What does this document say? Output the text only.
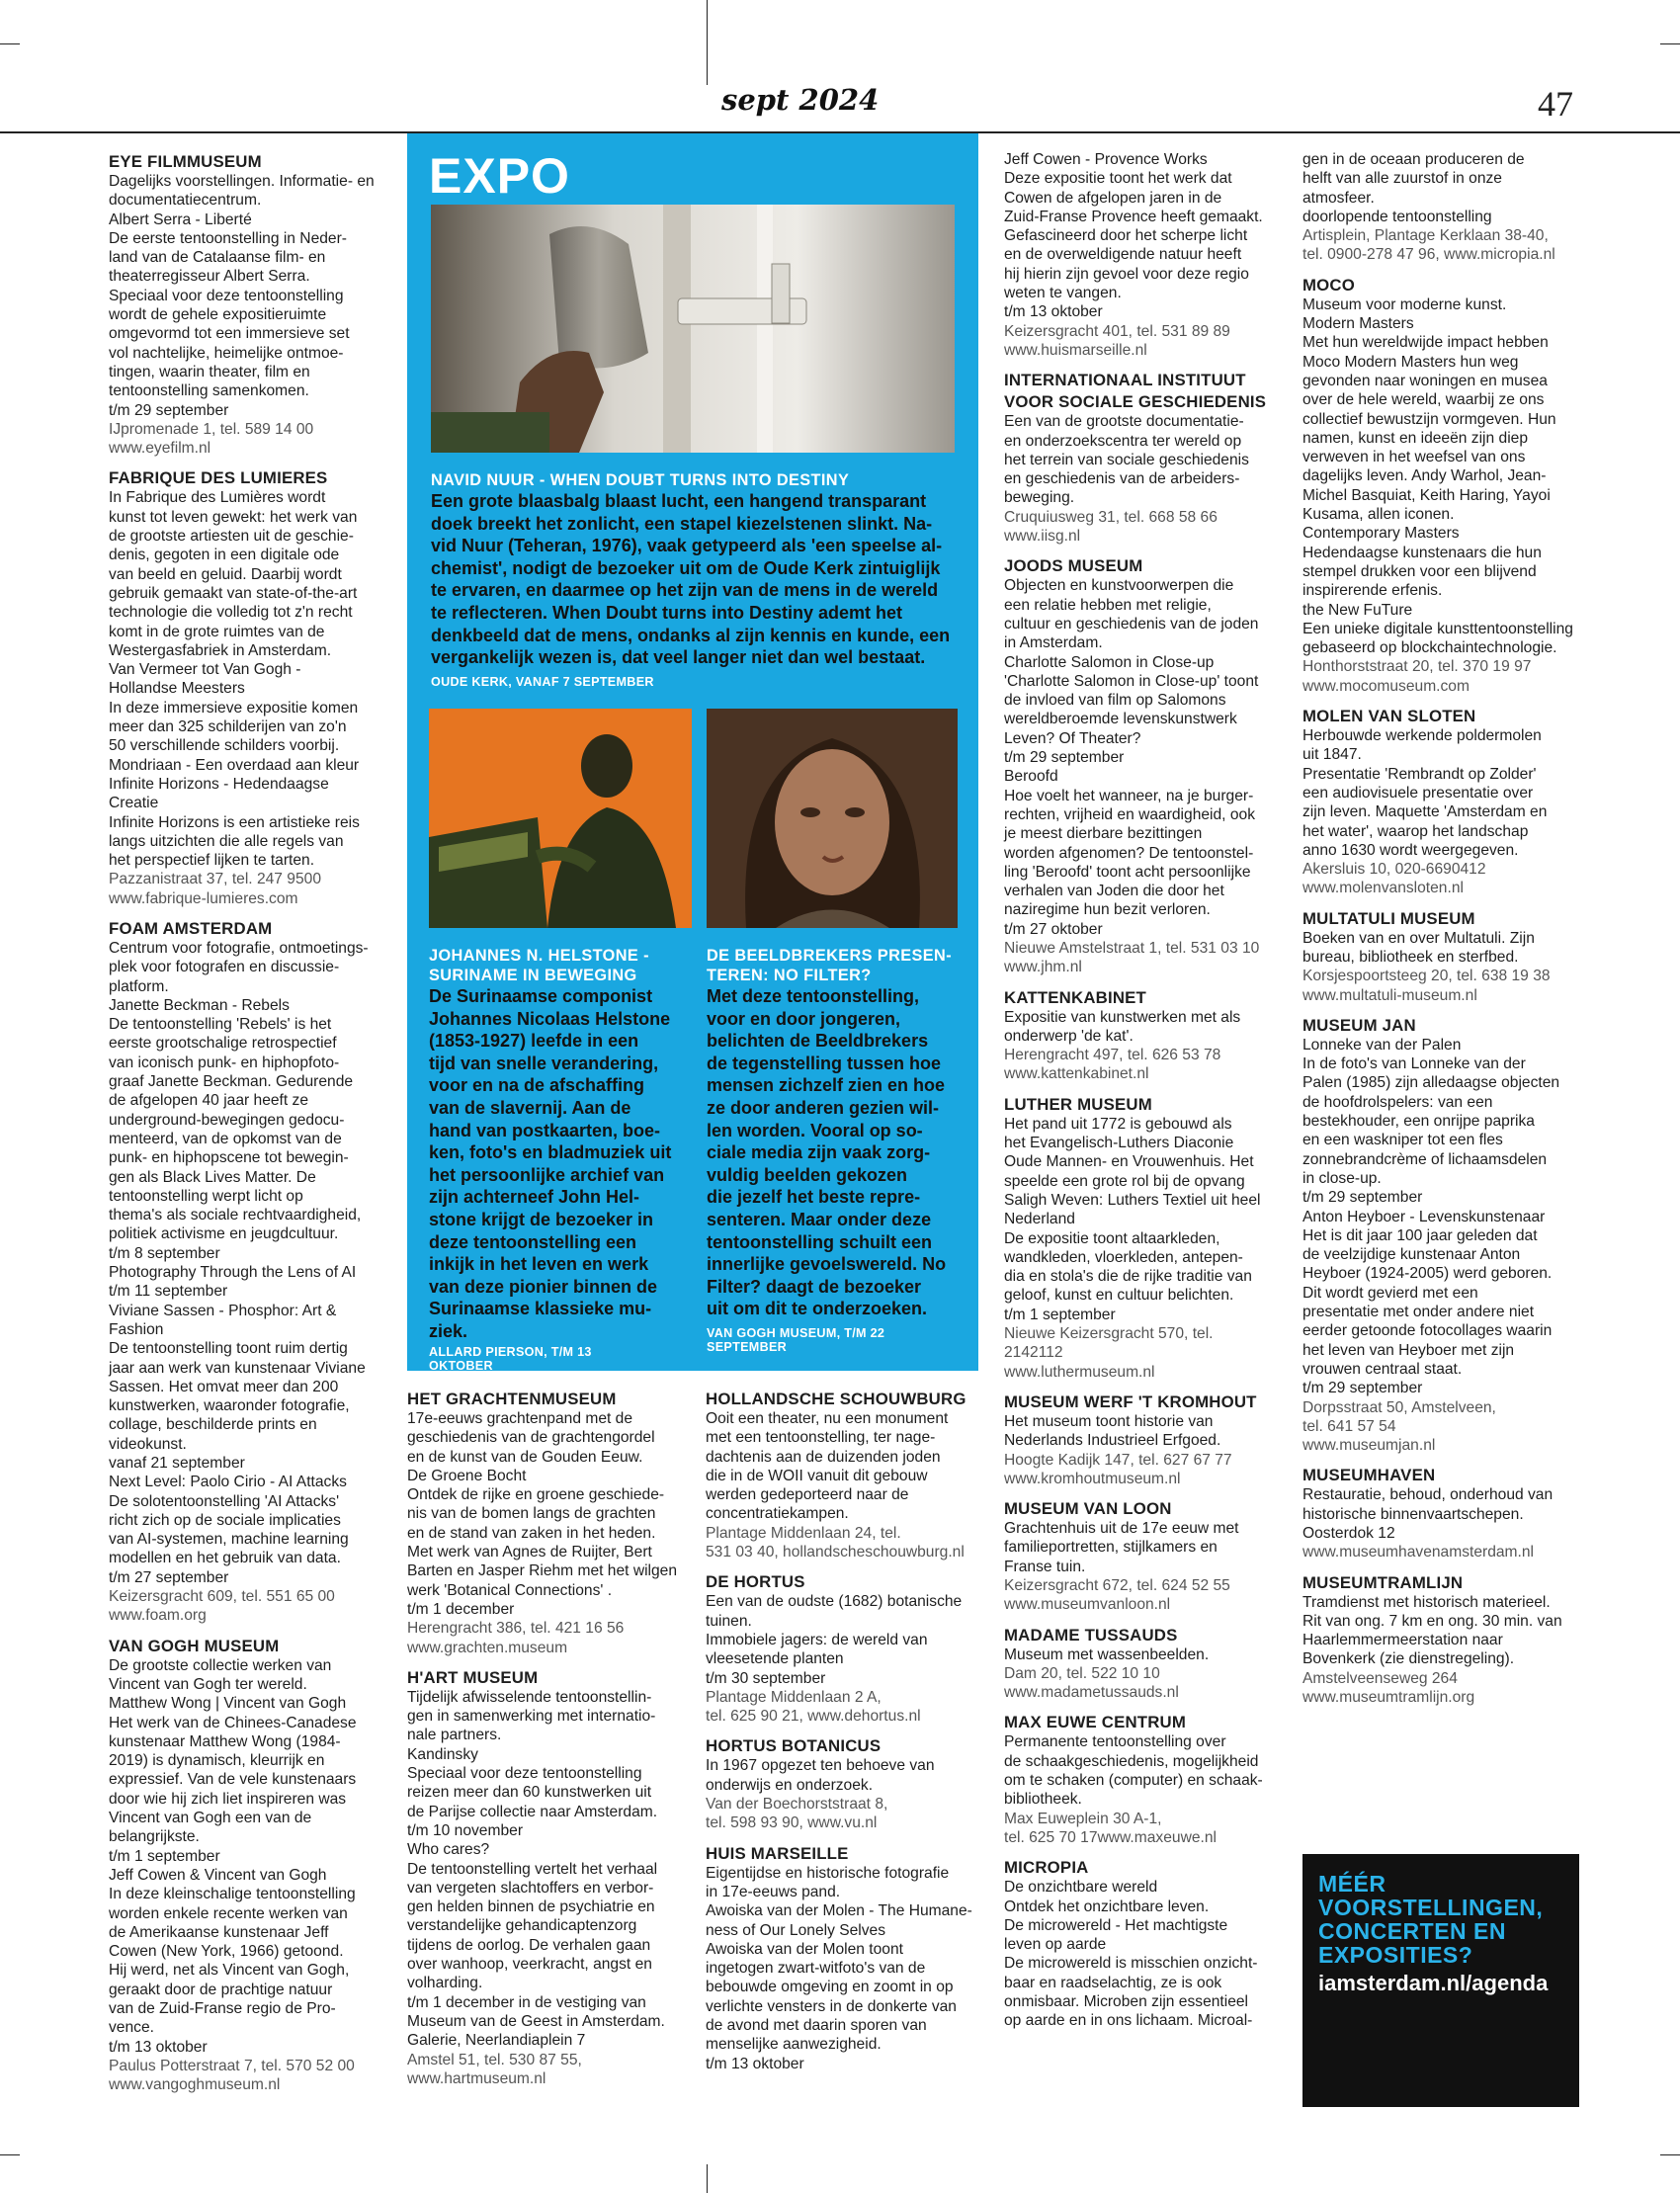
sept 2024	47
EYE FILMMUSEUM
Dagelijks voorstellingen. Informatie- en
documentatiecentrum.
Albert Serra - Liberté
De eerste tentoonstelling in Neder-
land van de Catalaanse film- en
theaterregisseur Albert Serra.
Speciaal voor deze tentoonstelling
wordt de gehele expositieruimte
omgevormd tot een immersieve set
vol nachtelijke, heimelijke ontmoe-
tingen, waarin theater, film en
tentoonstelling samenkomen.
t/m 29 september
IJpromenade 1, tel. 589 14 00
www.eyefilm.nl
FABRIQUE DES LUMIERES
In Fabrique des Lumières wordt
kunst tot leven gewekt: het werk van
de grootste artiesten uit de geschie-
denis, gegoten in een digitale ode
van beeld en geluid. Daarbij wordt
gebruik gemaakt van state-of-the-art
technologie die volledig tot z'n recht
komt in de grote ruimtes van de
Westergasfabriek in Amsterdam.
Van Vermeer tot Van Gogh -
Hollandse Meesters
In deze immersieve expositie komen
meer dan 325 schilderijen van zo'n
50 verschillende schilders voorbij.
Mondriaan - Een overdaad aan kleur
Infinite Horizons - Hedendaagse
Creatie
Infinite Horizons is een artistieke reis
langs uitzichten die alle regels van
het perspectief lijken te tarten.
Pazzanistraat 37, tel. 247 9500
www.fabrique-lumieres.com
FOAM AMSTERDAM
Centrum voor fotografie, ontmoetings-
plek voor fotografen en discussie-
platform.
Janette Beckman - Rebels
De tentoonstelling 'Rebels' is het
eerste grootschalige retrospectief
van iconisch punk- en hiphopfoto-
graaf Janette Beckman. Gedurende
de afgelopen 40 jaar heeft ze
underground-bewegingen gedocu-
menteerd, van de opkomst van de
punk- en hiphopscene tot bewegin-
gen als Black Lives Matter. De
tentoonstelling werpt licht op
thema's als sociale rechtvaardigheid,
politiek activisme en jeugdcultuur.
t/m 8 september
Photography Through the Lens of AI
t/m 11 september
Viviane Sassen - Phosphor: Art & Fashion
De tentoonstelling toont ruim dertig
jaar aan werk van kunstenaar Viviane
Sassen. Het omvat meer dan 200
kunstwerken, waaronder fotografie,
collage, beschilderde prints en
videokunst.
vanaf 21 september
Next Level: Paolo Cirio - AI Attacks
De solotentoonstelling 'AI Attacks'
richt zich op de sociale implicaties
van AI-systemen, machine learning
modellen en het gebruik van data.
t/m 27 september
Keizersgracht 609, tel. 551 65 00
www.foam.org
VAN GOGH MUSEUM
De grootste collectie werken van
Vincent van Gogh ter wereld.
Matthew Wong | Vincent van Gogh
Het werk van de Chinees-Canadese
kunstenaar Matthew Wong (1984-
2019) is dynamisch, kleurrijk en
expressief. Van de vele kunstenaars
door wie hij zich liet inspireren was
Vincent van Gogh een van de
belangrijkste.
t/m 1 september
Jeff Cowen & Vincent van Gogh
In deze kleinschalige tentoonstelling
worden enkele recente werken van
de Amerikaanse kunstenaar Jeff
Cowen (New York, 1966) getoond.
Hij werd, net als Vincent van Gogh,
geraakt door de prachtige natuur
van de Zuid-Franse regio de Pro-
vence.
t/m 13 oktober
Paulus Potterstraat 7, tel. 570 52 00
www.vangoghmuseum.nl
HET GRACHTENMUSEUM
17e-eeuws grachtenpand met de
geschiedenis van de grachtengordel
en de kunst van de Gouden Eeuw.
De Groene Bocht
Ontdek de rijke en groene geschiede-
nis van de bomen langs de grachten
en de stand van zaken in het heden.
Met werk van Agnes de Ruijter, Bert
Barten en Jasper Riehm met het wilgen
werk 'Botanical Connections' .
t/m 1 december
Herengracht 386, tel. 421 16 56
www.grachten.museum
H'ART MUSEUM
Tijdelijk afwisselende tentoonstellin-
gen in samenwerking met internatio-
nale partners.
Kandinsky
Speciaal voor deze tentoonstelling
reizen meer dan 60 kunstwerken uit
de Parijse collectie naar Amsterdam.
t/m 10 november
Who cares?
De tentoonstelling vertelt het verhaal
van vergeten slachtoffers en verbor-
gen helden binnen de psychiatrie en
verstandelijke gehandicaptenzorg
tijdens de oorlog. De verhalen gaan
over wanhoop, veerkracht, angst en
volharding.
t/m 1 december in de vestiging van
Museum van de Geest in Amsterdam.
Galerie, Neerlandiaplein 7
Amstel 51, tel. 530 87 55,
www.hartmuseum.nl
HOLLANDSCHE SCHOUWBURG
Ooit een theater, nu een monument
met een tentoonstelling, ter nage-
dachtenis aan de duizenden joden
die in de WOII vanuit dit gebouw
werden gedeporteerd naar de
concentratiekampen.
Plantage Middenlaan 24, tel.
531 03 40, hollandscheschouwburg.nl
DE HORTUS
Een van de oudste (1682) botanische
tuinen.
Immobiele jagers: de wereld van
vleesetende planten
t/m 30 september
Plantage Middenlaan 2 A,
tel. 625 90 21, www.dehortus.nl
HORTUS BOTANICUS
In 1967 opgezet ten behoeve van
onderwijs en onderzoek.
Van der Boechorststraat 8,
tel. 598 93 90, www.vu.nl
HUIS MARSEILLE
Eigentijdse en historische fotografie
in 17e-eeuws pand.
Awoiska van der Molen - The Humane-
ness of Our Lonely Selves
Awoiska van der Molen toont
ingetogen zwart-witfoto's van de
bebouwde omgeving en zoomt in op
verlichte vensters in de donkerte van
de avond met daarin sporen van
menselijke aanwezigheid.
t/m 13 oktober
Jeff Cowen - Provence Works
Deze expositie toont het werk dat
Cowen de afgelopen jaren in de
Zuid-Franse Provence heeft gemaakt.
Gefascineerd door het scherpe licht
en de overweldigende natuur heeft
hij hierin zijn gevoel voor deze regio
weten te vangen.
t/m 13 oktober
Keizersgracht 401, tel. 531 89 89
www.huismarseille.nl
INTERNATIONAAL INSTITUUT
VOOR SOCIALE GESCHIEDENIS
Een van de grootste documentatie-
en onderzoekscentra ter wereld op
het terrein van sociale geschiedenis
en geschiedenis van de arbeiders-
beweging.
Cruquiusweg 31, tel. 668 58 66
www.iisg.nl
JOODS MUSEUM
Objecten en kunstvoorwerpen die
een relatie hebben met religie,
cultuur en geschiedenis van de joden
in Amsterdam.
Charlotte Salomon in Close-up
'Charlotte Salomon in Close-up' toont
de invloed van film op Salomons
wereldberoemde levenskunstwerk
Leven? Of Theater?
t/m 29 september
Beroofd
Hoe voelt het wanneer, na je burger-
rechten, vrijheid en waardigheid, ook
je meest dierbare bezittingen
worden afgenomen? De tentoonstel-
ling 'Beroofd' toont acht persoonlijke
verhalen van Joden die door het
naziregime hun bezit verloren.
t/m 27 oktober
Nieuwe Amstelstraat 1, tel. 531 03 10
www.jhm.nl
KATTENKABINET
Expositie van kunstwerken met als
onderwerp 'de kat'.
Herengracht 497, tel. 626 53 78
www.kattenkabinet.nl
LUTHER MUSEUM
Het pand uit 1772 is gebouwd als
het Evangelisch-Luthers Diaconie
Oude Mannen- en Vrouwenhuis. Het
speelde een grote rol bij de opvang
Saligh Weven: Luthers Textiel uit heel
Nederland
De expositie toont altaarkleden,
wandkleden, vloerkleden, antepen-
dia en stola's die de rijke traditie van
geloof, kunst en cultuur belichten.
t/m 1 september
Nieuwe Keizersgracht 570, tel.
2142112
www.luthermuseum.nl
MUSEUM WERF 'T KROMHOUT
Het museum toont historie van
Nederlands Industrieel Erfgoed.
Hoogte Kadijk 147, tel. 627 67 77
www.kromhoutmuseum.nl
MUSEUM VAN LOON
Grachtenhuis uit de 17e eeuw met
familieportretten, stijlkamers en
Franse tuin.
Keizersgracht 672, tel. 624 52 55
www.museumvanloon.nl
MADAME TUSSAUDS
Museum met wassenbeelden.
Dam 20, tel. 522 10 10
www.madametussauds.nl
MAX EUWE CENTRUM
Permanente tentoonstelling over
de schaakgeschiedenis, mogelijkheid
om te schaken (computer) en schaak-
bibliotheek.
Max Euweplein 30 A-1,
tel. 625 70 17www.maxeuwe.nl
MICROPIA
De onzichtbare wereld
Ontdek het onzichtbare leven.
De microwereld - Het machtigste
leven op aarde
De microwereld is misschien onzicht-
baar en raadselachtig, ze is ook
onmisbaar. Microben zijn essentieel
op aarde en in ons lichaam. Microal-
gen in de oceaan produceren de
helft van alle zuurstof in onze
atmosfeer.
doorlopende tentoonstelling
Artisplein, Plantage Kerklaan 38-40,
tel. 0900-278 47 96, www.micropia.nl
MOCO
Museum voor moderne kunst.
Modern Masters
Met hun wereldwijde impact hebben
Moco Modern Masters hun weg
gevonden naar woningen en musea
over de hele wereld, waarbij ze ons
collectief bewustzijn vormgeven. Hun
namen, kunst en ideeën zijn diep
verweven in het weefsel van ons
dagelijks leven. Andy Warhol, Jean-
Michel Basquiat, Keith Haring, Yayoi
Kusama, allen iconen.
Contemporary Masters
Hedendaagse kunstenaars die hun
stempel drukken voor een blijvend
inspirerende erfenis.
the New FuTure
Een unieke digitale kunsttentoonstelling
gebaseerd op blockchaintechnologie.
Honthorststraat 20, tel. 370 19 97
www.mocomuseum.com
MOLEN VAN SLOTEN
Herbouwde werkende poldermolen
uit 1847.
Presentatie 'Rembrandt op Zolder'
een audiovisuele presentatie over
zijn leven. Maquette 'Amsterdam en
het water', waarop het landschap
anno 1630 wordt weergegeven.
Akersluis 10, 020-6690412
www.molenvansloten.nl
MULTATULI MUSEUM
Boeken van en over Multatuli. Zijn
bureau, bibliotheek en sterfbed.
Korsjespoortsteeg 20, tel. 638 19 38
www.multatuli-museum.nl
MUSEUM JAN
Lonneke van der Palen
In de foto's van Lonneke van der
Palen (1985) zijn alledaagse objecten
de hoofdrolspelers: van een
bestekhouder, een onrijpe paprika
en een waskniper tot een fles
zonnebrandcrème of lichaamsdelen
in close-up.
t/m 29 september
Anton Heyboer - Levenskunstenaar
Het is dit jaar 100 jaar geleden dat
de veelzijdige kunstenaar Anton
Heyboer (1924-2005) werd geboren.
Dit wordt gevierd met een
presentatie met onder andere niet
eerder getoonde fotocollages waarin
het leven van Heyboer met zijn
vrouwen centraal staat.
t/m 29 september
Dorpsstraat 50, Amstelveen,
tel. 641 57 54
www.museumjan.nl
MUSEUMHAVEN
Restauratie, behoud, onderhoud van
historische binnenvaartschepen.
Oosterdok 12
www.museumhavenamsterdam.nl
MUSEUMTRAMLIJN
Tramdienst met historisch materieel.
Rit van ong. 7 km en ong. 30 min. van
Haarlemmermeerstation naar
Bovenkerk (zie dienstregeling).
Amstelveenseweg 264
www.museumtramlijn.org
EXPO
NAVID NUUR - WHEN DOUBT TURNS INTO DESTINY
Een grote blaasbalg blaast lucht, een hangend transparant
doek breekt het zonlicht, een stapel kiezelstenen slinkt. Na-
vid Nuur (Teheran, 1976), vaak getypeerd als 'een speelse al-
chemist', nodigt de bezoeker uit om de Oude Kerk zintuiglijk
te ervaren, en daarmee op het zijn van de mens in de wereld
te reflecteren. When Doubt turns into Destiny ademt het
denkbeeld dat de mens, ondanks al zijn kennis en kunde, een
vergankelijk wezen is, dat veel langer niet dan wel bestaat.
OUDE KERK, VANAF 7 SEPTEMBER
JOHANNES N. HELSTONE -
SURINAME IN BEWEGING
De Surinaamse componist
Johannes Nicolaas Helstone
(1853-1927) leefde in een
tijd van snelle verandering,
voor en na de afschaffing
van de slavernij. Aan de
hand van postkaarten, boe-
ken, foto's en bladmuziek uit
het persoonlijke archief van
zijn achterneef John Hel-
stone krijgt de bezoeker in
deze tentoonstelling een
inkijk in het leven en werk
van deze pionier binnen de
Surinaamse klassieke mu-
ziek.
ALLARD PIERSON, T/M 13
OKTOBER
DE BEELDBREKERS PRESEN-
TEREN: NO FILTER?
Met deze tentoonstelling,
voor en door jongeren,
belichten de Beeldbrekers
de tegenstelling tussen hoe
mensen zichzelf zien en hoe
ze door anderen gezien wil-
len worden. Vooral op so-
ciale media zijn vaak zorg-
vuldig beelden gekozen
die jezelf het beste repre-
senteren. Maar onder deze
tentoonstelling schuilt een
innerlijke gevoelswereld. No
Filter? daagt de bezoeker
uit om dit te onderzoeken.
VAN GOGH MUSEUM, T/M 22
SEPTEMBER
MÉÉR
VOORSTELLINGEN,
CONCERTEN EN
EXPOSITIES?
iamsterdam.nl/agenda
